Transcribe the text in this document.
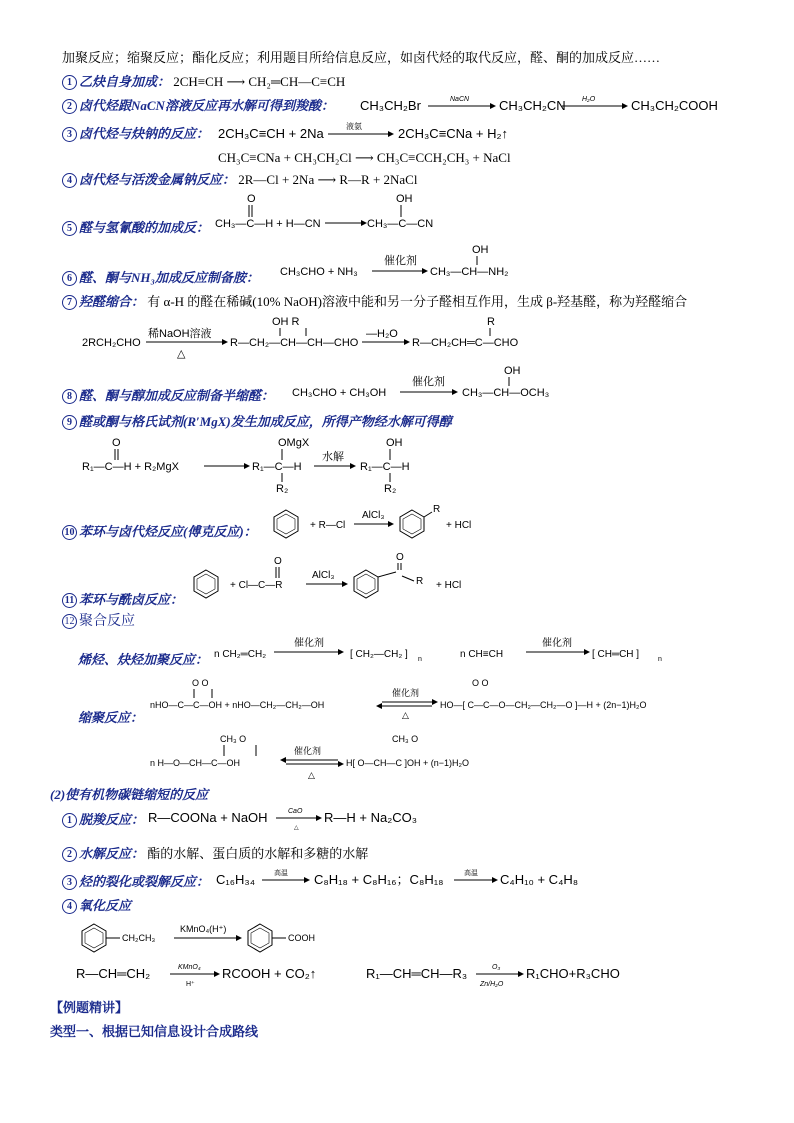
加聚反应；缩聚反应；酯化反应；利用题目所给信息反应，如卤代烃的取代反应，醛、酮的加成反应……
1 乙炔自身加成： 2CH≡CH ⟶ CH₂═CH—C≡CH
2 卤代烃跟NaCN溶液反应再水解可得到羧酸： CH₃CH₂Br	NaCN CH₃CH₂CN H₂O	CH₃CH₂COOH
3 卤代烃与炔钠的反应： 2CH₃C≡CH + 2Na	液氨	2CH₃C≡CNa + H₂↑
CH₃C≡CNa + CH₃CH₂Cl ⟶ CH₃C≡CCH₂CH₃ + NaCl
4 卤代烃与活泼金属钠反应： 2R—Cl + 2Na ⟶ R—R + 2NaCl
5 醛与氢氰酸的加成反： CH₃—C—H + H—CN
O
CH₃—C—CN
OH
6 醛、酮与NH₃加成反应制备胺： CH₃CHO + NH₃
催化剂
CH₃—CH—NH₂
OH
7 羟醛缩合： 有 α-H 的醛在稀碱(10% NaOH)溶液中能和另一分子醛相互作用，生成 β-羟基醛，称为羟醛缩合
2RCH₂CHO
稀NaOH溶液
△
R—CH₂—CH—CH—CHO
OH R
—H₂O
R—CH₂CH═C—CHO
R
8 醛、酮与醇加成反应制备半缩醛： CH₃CHO + CH₃OH
催化剂
CH₃—CH—OCH₃
OH
9 醛或酮与格氏试剂(R′MgX)发生加成反应，所得产物经水解可得醇
R₁—C—H + R₂MgX
O
R₁—C—H
OMgX
R₂
水解
R₁—C—H
OH
R₂
10 苯环与卤代烃反应(傅克反应)：	+ R—Cl
AlCl₃
R
+ HCl
11 苯环与酰卤反应：
+ Cl—C—R
O
AlCl₃
O
R + HCl
12 聚合反应
烯烃、炔烃加聚反应： n CH₂═CH₂
催化剂
[ CH₂—CH₂ ] n	n CH≡CH
催化剂
[ CH═CH ]	n
缩聚反应：
nHO—C—C—OH + nHO—CH₂—CH₂—OH
O O
催化剂
△
HO—[ C—C—O—CH₂—CH₂—O ]—H + (2n−1)H₂O
O O
n H—O—CH—C—OH
CH₃ O
催化剂
△
H[ O—CH—C ]OH + (n−1)H₂O
CH₃ O
(2)使有机物碳链缩短的反应
1 脱羧反应： R—COONa + NaOH	CaO
△
R—H + Na₂CO₃
2 水解反应： 酯的水解、蛋白质的水解和多糖的水解
3 烃的裂化或裂解反应： C₁₆H₃₄	高温 C₈H₁₈ + C₈H₁₆；C₈H₁₈	高温 C₄H₁₀ + C₄H₈
4 氧化反应
CH₂CH₃
KMnO₄(H⁺)
COOH
R—CH═CH₂	KMnO₄
H⁺
RCOOH + CO₂↑	R₁—CH═CH—R₃	O₃
Zn/H₂O
R₁CHO+R₃CHO
【例题精讲】
类型一、根据已知信息设计合成路线
